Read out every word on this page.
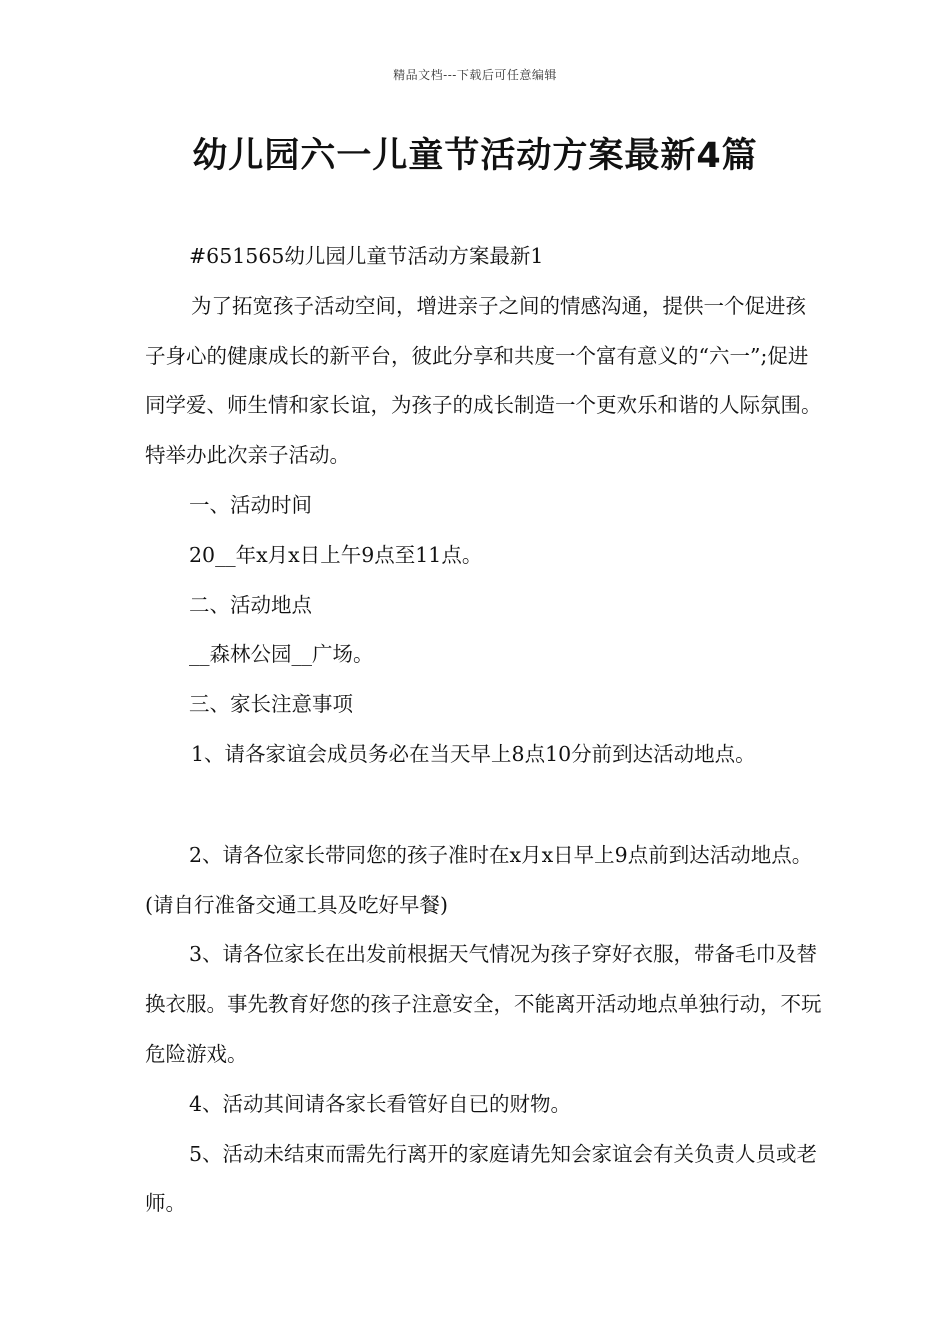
精品文档---下载后可任意编辑
幼儿园六一儿童节活动方案最新4篇

#651565幼儿园儿童节活动方案最新1

为了拓宽孩子活动空间，增进亲子之间的情感沟通，提供一个促进孩子身心的健康成长的新平台，彼此分享和共度一个富有意义的“六一”;促进同学爱、师生情和家长谊，为孩子的成长制造一个更欢乐和谐的人际氛围。特举办此次亲子活动。

一、活动时间

20__年x月x日上午9点至11点。

二、活动地点

__森林公园__广场。

三、家长注意事项

1、请各家谊会成员务必在当天早上8点10分前到达活动地点。

2、请各位家长带同您的孩子准时在x月x日早上9点前到达活动地点。(请自行准备交通工具及吃好早餐)

3、请各位家长在出发前根据天气情况为孩子穿好衣服，带备毛巾及替换衣服。事先教育好您的孩子注意安全，不能离开活动地点单独行动，不玩危险游戏。

4、活动其间请各家长看管好自已的财物。

5、活动未结束而需先行离开的家庭请先知会家谊会有关负责人员或老师。
